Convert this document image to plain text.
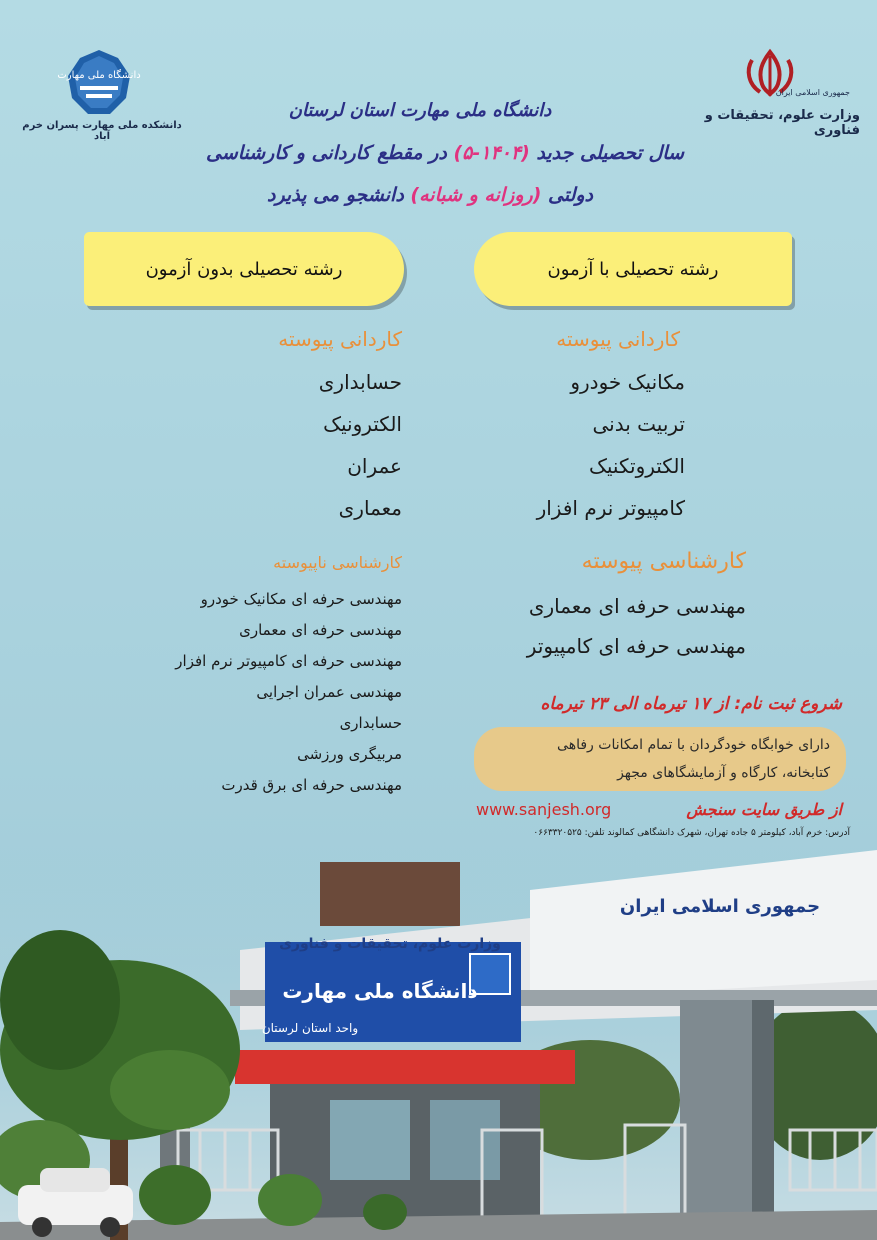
دانشگاه ملی مهارت
دانشکده ملی مهارت پسران خرم آباد
جمهوری اسلامی ایران
وزارت علوم، تحقیقات و فناوری
دانشگاه ملی مهارت استان لرستان
سال تحصیلی جدید (۱۴۰۴-۵) در مقطع کاردانی و کارشناسی
دولتی (روزانه و شبانه) دانشجو می پذیرد
رشته تحصیلی با آزمون
رشته تحصیلی بدون آزمون
کاردانی پیوسته
مکانیک خودرو
تربیت بدنی
الکتروتکنیک
کامپیوتر نرم افزار
کارشناسی پیوسته
مهندسی حرفه ای معماری
مهندسی حرفه ای کامپیوتر
کاردانی پیوسته
حسابداری
الکترونیک
عمران
معماری
کارشناسی ناپیوسته
مهندسی حرفه ای مکانیک خودرو
مهندسی حرفه ای معماری
مهندسی حرفه ای کامپیوتر نرم افزار
مهندسی عمران اجرایی
حسابداری
مربیگری ورزشی
مهندسی حرفه ای برق قدرت
شروع ثبت نام: از ۱۷ تیرماه الی ۲۳ تیرماه
دارای خوابگاه خودگردان با تمام امکانات رفاهی
کتابخانه، کارگاه و آزمایشگاهای مجهز
از طریق سایت سنجش
www.sanjesh.org
آدرس: خرم آباد، کیلومتر ۵ جاده تهران، شهرک دانشگاهی کمالوند تلفن: ۰۶۶۳۳۲۰۵۲۵
وزارت علوم، تحقیقات و فناوری
دانشگاه ملی مهارت
واحد استان لرستان
جمهوری اسلامی ایران
